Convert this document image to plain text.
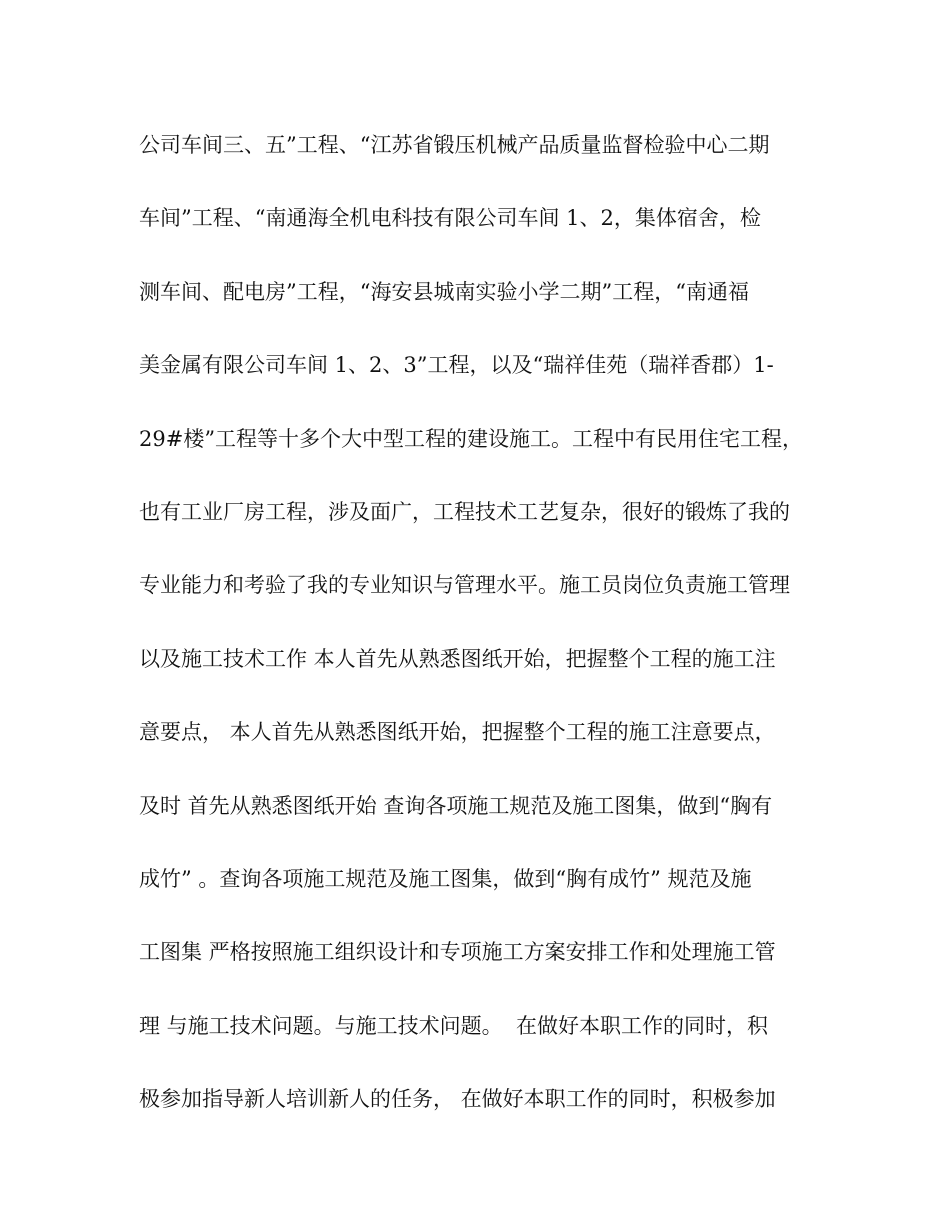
公司车间三、五”工程、“江苏省锻压机械产品质量监督检验中心二期
车间”工程、“南通海全机电科技有限公司车间 1、2，集体宿舍，检
测车间、配电房”工程，“海安县城南实验小学二期”工程，“南通福
美金属有限公司车间 1、2、3”工程，以及“瑞祥佳苑（瑞祥香郡）1-
29#楼”工程等十多个大中型工程的建设施工。工程中有民用住宅工程，
也有工业厂房工程，涉及面广，工程技术工艺复杂，很好的锻炼了我的
专业能力和考验了我的专业知识与管理水平。施工员岗位负责施工管理
以及施工技术工作 本人首先从熟悉图纸开始，把握整个工程的施工注
意要点， 本人首先从熟悉图纸开始，把握整个工程的施工注意要点，
及时 首先从熟悉图纸开始 查询各项施工规范及施工图集，做到“胸有
成竹” 。查询各项施工规范及施工图集，做到“胸有成竹” 规范及施
工图集 严格按照施工组织设计和专项施工方案安排工作和处理施工管
理 与施工技术问题。与施工技术问题。  在做好本职工作的同时，积
极参加指导新人培训新人的任务， 在做好本职工作的同时，积极参加
